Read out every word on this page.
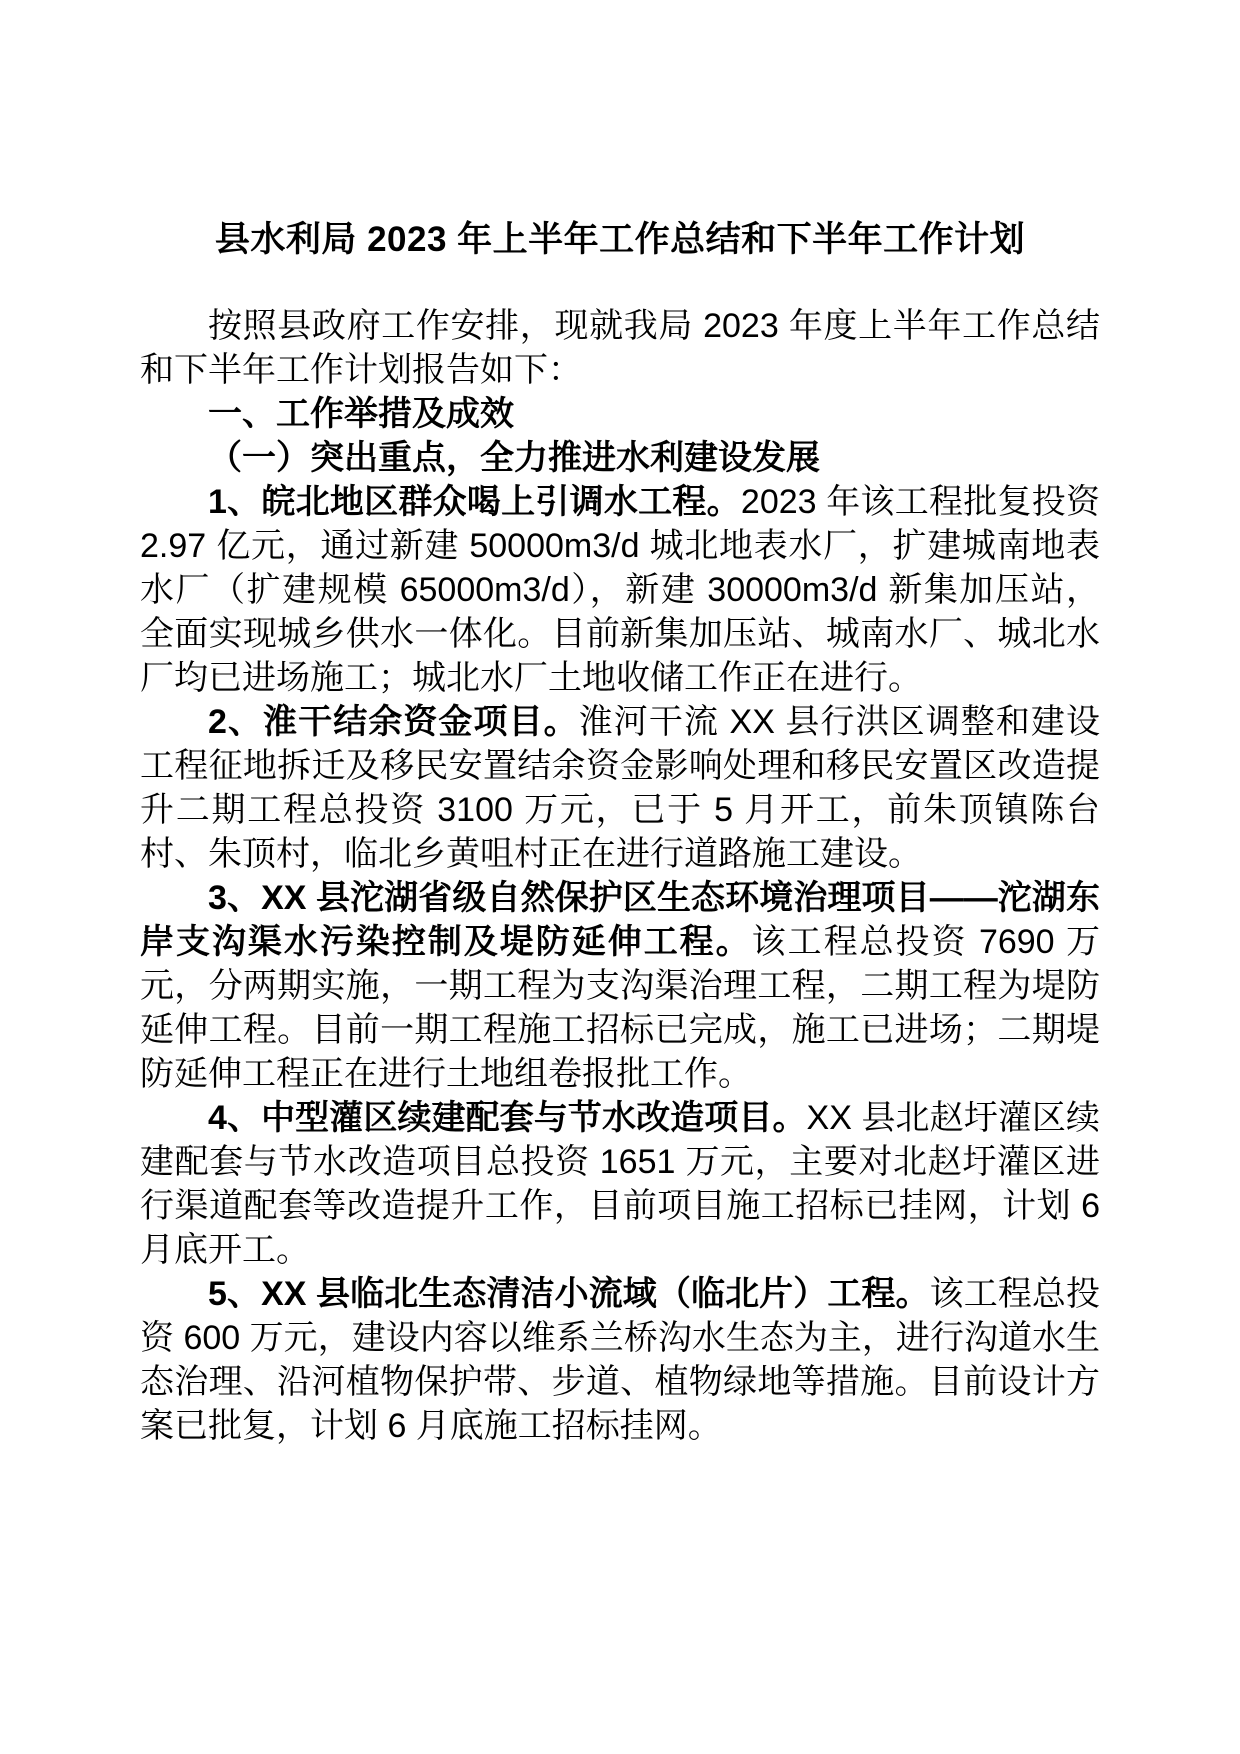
县水利局 2023 年上半年工作总结和下半年工作计划

按照县政府工作安排，现就我局 2023 年度上半年工作总结和下半年工作计划报告如下：

一、工作举措及成效

（一）突出重点，全力推进水利建设发展

1、皖北地区群众喝上引调水工程。2023 年该工程批复投资 2.97 亿元，通过新建 50000m3/d 城北地表水厂，扩建城南地表水厂（扩建规模 65000m3/d），新建 30000m3/d 新集加压站，全面实现城乡供水一体化。目前新集加压站、城南水厂、城北水厂均已进场施工；城北水厂土地收储工作正在进行。

2、淮干结余资金项目。淮河干流 XX 县行洪区调整和建设工程征地拆迁及移民安置结余资金影响处理和移民安置区改造提升二期工程总投资 3100 万元，已于 5 月开工，前朱顶镇陈台村、朱顶村，临北乡黄咀村正在进行道路施工建设。

3、XX 县沱湖省级自然保护区生态环境治理项目——沱湖东岸支沟渠水污染控制及堤防延伸工程。该工程总投资 7690 万元，分两期实施，一期工程为支沟渠治理工程，二期工程为堤防延伸工程。目前一期工程施工招标已完成，施工已进场；二期堤防延伸工程正在进行土地组卷报批工作。

4、中型灌区续建配套与节水改造项目。XX 县北赵圩灌区续建配套与节水改造项目总投资 1651 万元，主要对北赵圩灌区进行渠道配套等改造提升工作，目前项目施工招标已挂网，计划 6 月底开工。

5、XX 县临北生态清洁小流域（临北片）工程。该工程总投资 600 万元，建设内容以维系兰桥沟水生态为主，进行沟道水生态治理、沿河植物保护带、步道、植物绿地等措施。目前设计方案已批复，计划 6 月底施工招标挂网。
